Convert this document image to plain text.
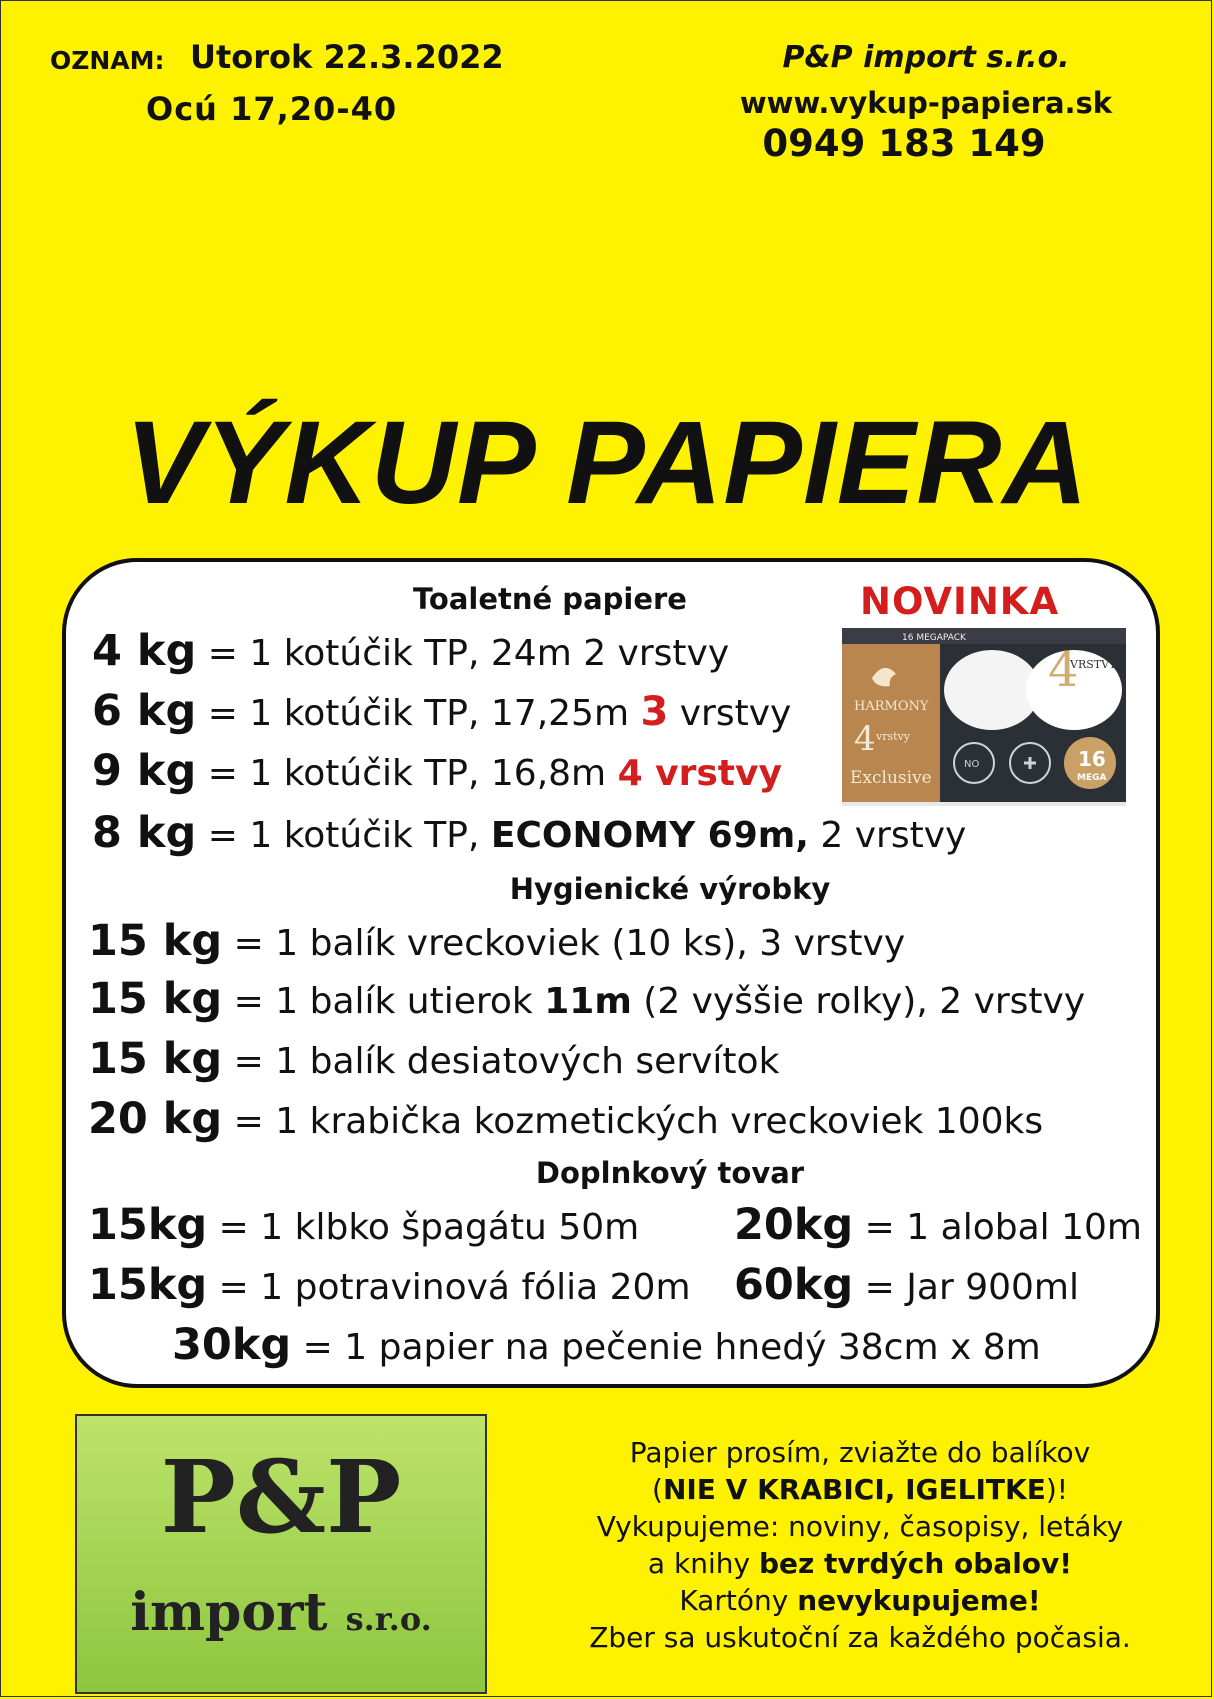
OZNAM: Utorok 22.3.2022
Ocú 17,20-40
P&P import s.r.o.
www.vykup-papiera.sk
0949 183 149
VÝKUP PAPIERA
NOVINKA
16 MEGAPACK
HARMONY
4 vrstvy
Exclusive
4
VRSTVY
NO	16
MEGA
Toaletné papiere
Hygienické výrobky
Doplnkový tovar
4 kg = 1 kotúčik TP, 24m 2 vrstvy
6 kg = 1 kotúčik TP, 17,25m 3 vrstvy
9 kg = 1 kotúčik TP, 16,8m 4 vrstvy
8 kg = 1 kotúčik TP, ECONOMY 69m, 2 vrstvy
15 kg = 1 balík vreckoviek (10 ks), 3 vrstvy
15 kg = 1 balík utierok 11m (2 vyššie rolky), 2 vrstvy
15 kg = 1 balík desiatových servítok
20 kg = 1 krabička kozmetických vreckoviek 100ks
15kg = 1 klbko špagátu 50m 20kg = 1 alobal 10m
15kg = 1 potravinová fólia 20m 60kg = Jar 900ml
30kg = 1 papier na pečenie hnedý 38cm x 8m
P&P
import s.r.o.
Papier prosím, zviažte do balíkov
(NIE V KRABICI, IGELITKE)!
Vykupujeme: noviny, časopisy, letáky
a knihy bez tvrdých obalov!
Kartóny nevykupujeme!
Zber sa uskutoční za každého počasia.
